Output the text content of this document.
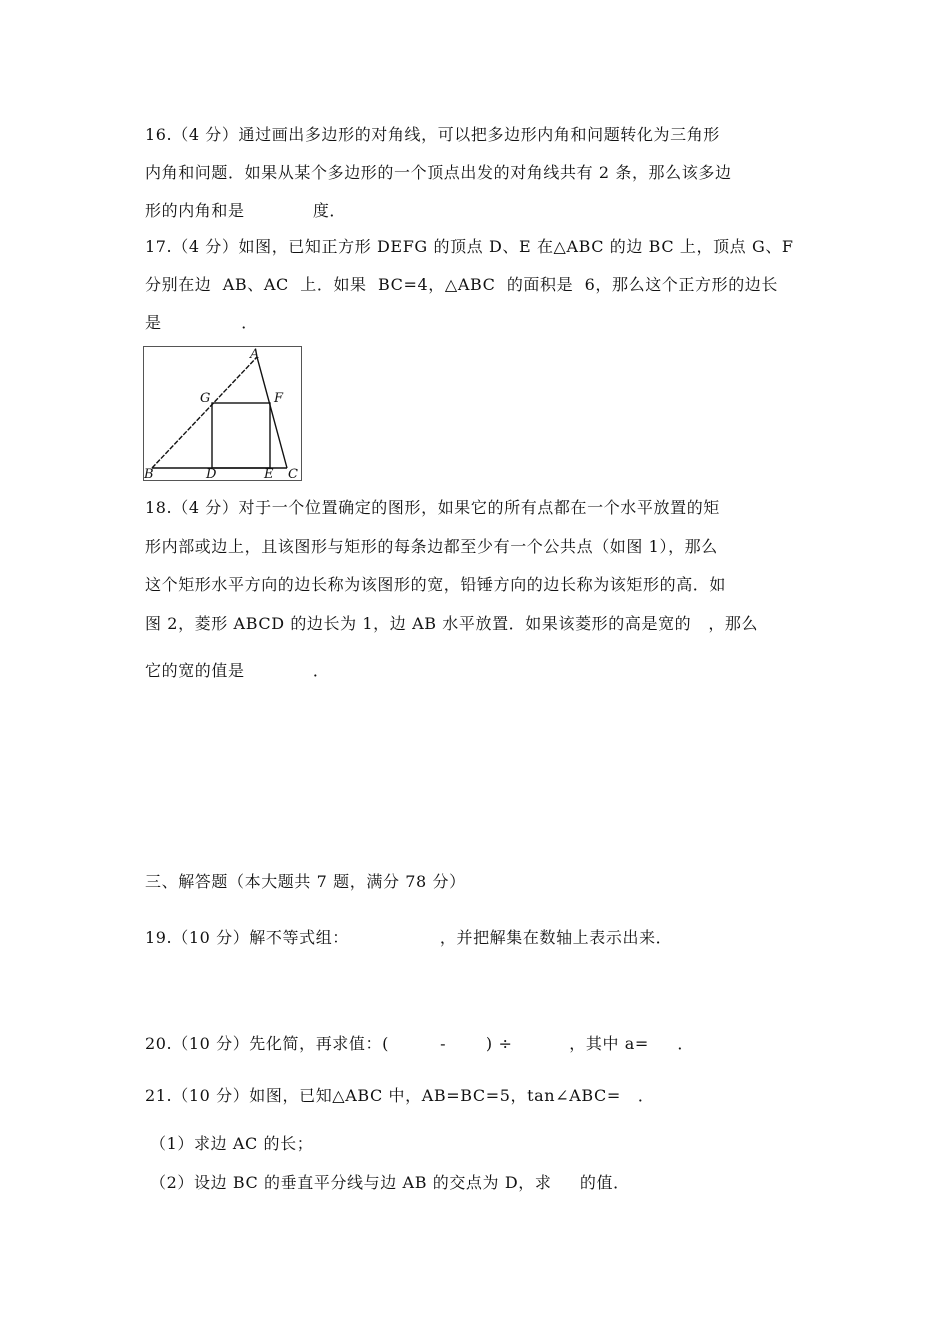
16.（4 分）通过画出多边形的对角线，可以把多边形内角和问题转化为三角形
内角和问题．如果从某个多边形的一个顶点出发的对角线共有 2 条，那么该多边
形的内角和是            度．
17.（4 分）如图，已知正方形 DEFG 的顶点 D、E 在△ABC 的边 BC 上，顶点 G、F
分别在边  AB、AC  上．如果  BC=4，△ABC  的面积是  6，那么这个正方形的边长
是              ．
A
B	C
D	E
F
G
18.（4 分）对于一个位置确定的图形，如果它的所有点都在一个水平放置的矩
形内部或边上，且该图形与矩形的每条边都至少有一个公共点（如图 1），那么
这个矩形水平方向的边长称为该图形的宽，铅锤方向的边长称为该矩形的高．如
图 2，菱形 ABCD 的边长为 1，边 AB 水平放置．如果该菱形的高是宽的   ，那么
它的宽的值是            ．
三、解答题（本大题共 7 题，满分 78 分）
19.（10 分）解不等式组：                ，并把解集在数轴上表示出来．
20.（10 分）先化简，再求值：(         -       ) ÷          ，其中 a=     ．
21.（10 分）如图，已知△ABC 中，AB=BC=5，tan∠ABC=   ．
（1）求边 AC 的长；
（2）设边 BC 的垂直平分线与边 AB 的交点为 D，求     的值．
